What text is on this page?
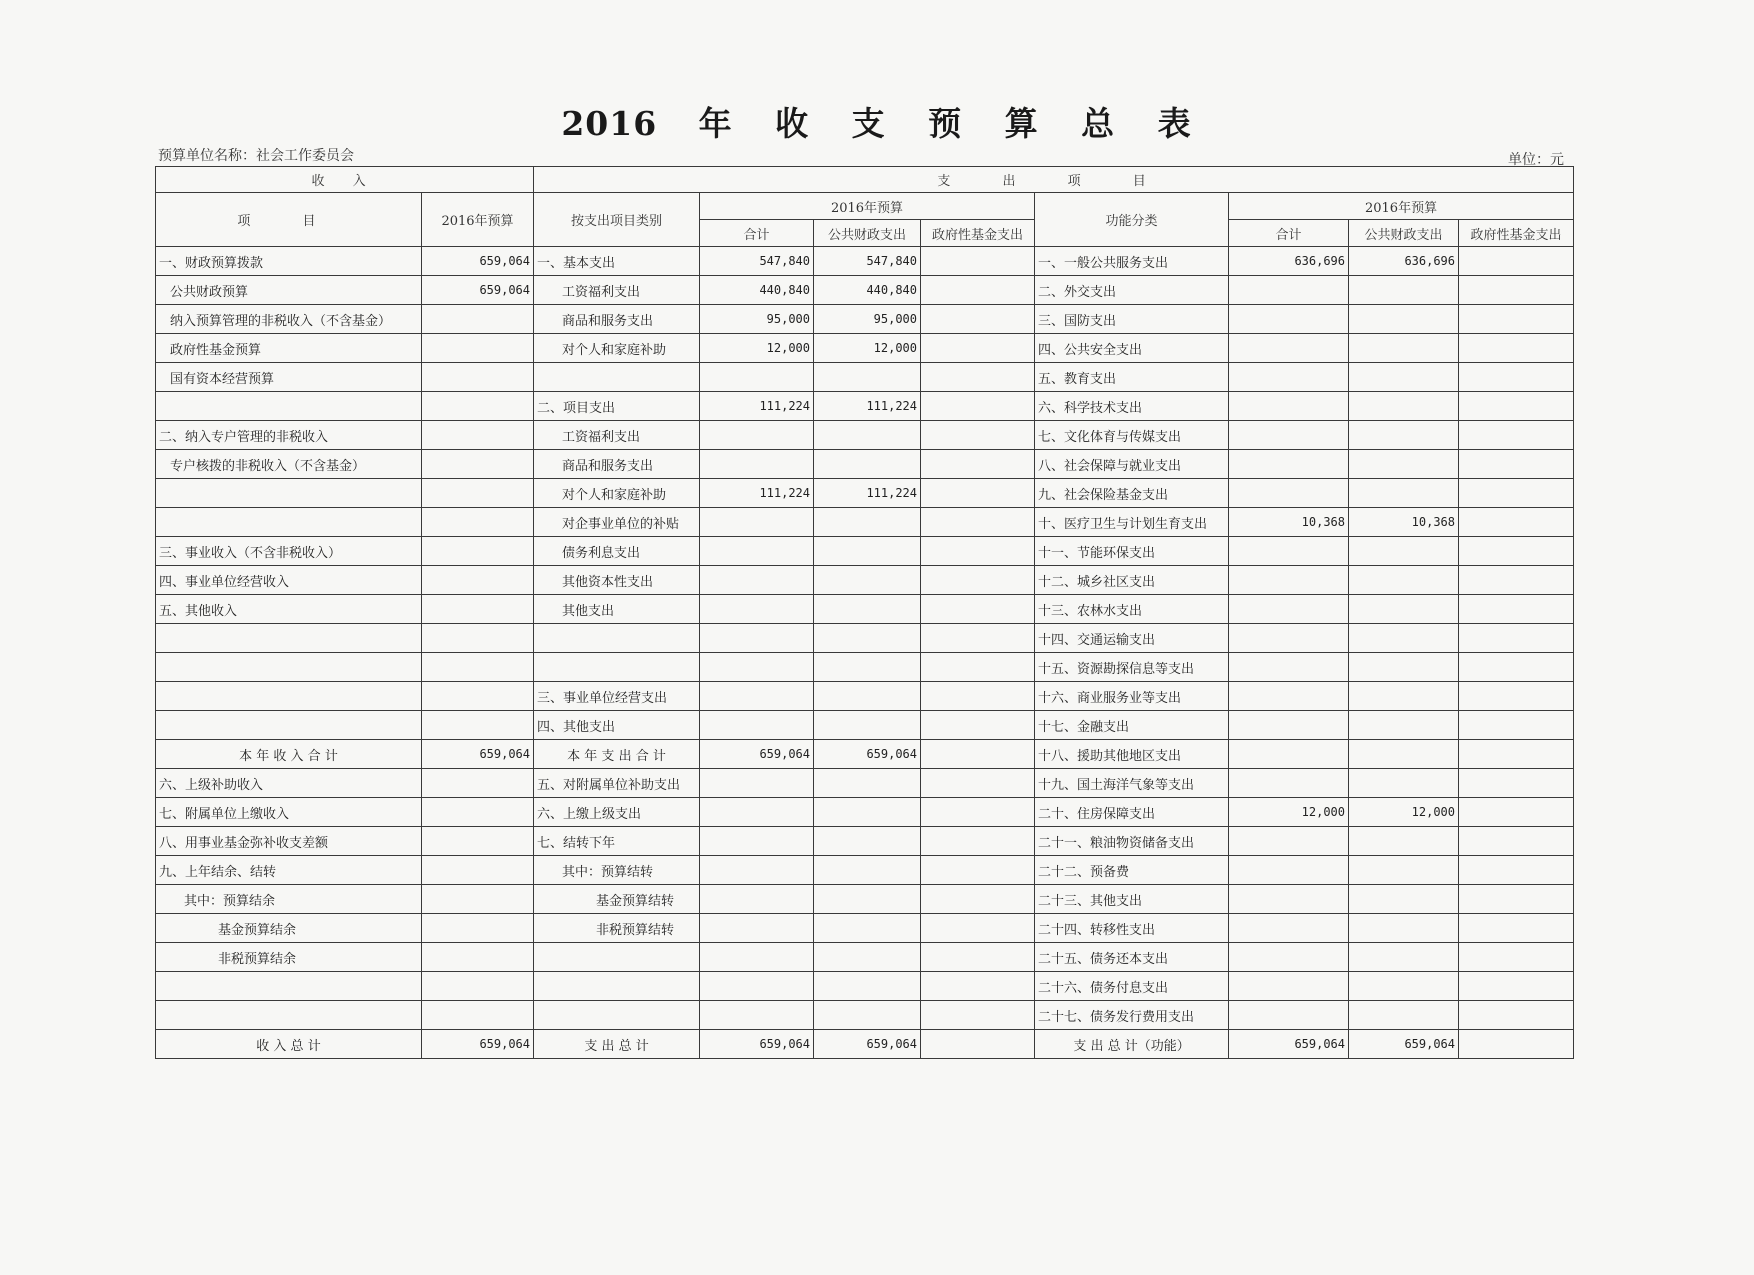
2016 年 收 支 预 算 总 表
预算单位名称：社会工作委员会	单位：元
收 入		支 出 项 目							
项 目	2016年预算	按支出项目类别	2016年预算			功能分类	2016年预算		
			合计	公共财政支出	政府性基金支出		合计	公共财政支出	政府性基金支出
一、财政预算拨款	659,064	一、基本支出	547,840	547,840		一、一般公共服务支出	636,696	636,696	
公共财政预算	659,064	工资福利支出	440,840	440,840		二、外交支出			
纳入预算管理的非税收入（不含基金）		商品和服务支出	95,000	95,000		三、国防支出			
政府性基金预算		对个人和家庭补助	12,000	12,000		四、公共安全支出			
国有资本经营预算						五、教育支出			
		二、项目支出	111,224	111,224		六、科学技术支出			
二、纳入专户管理的非税收入		工资福利支出				七、文化体育与传媒支出			
专户核拨的非税收入（不含基金）		商品和服务支出				八、社会保障与就业支出			
		对个人和家庭补助	111,224	111,224		九、社会保险基金支出			
		对企事业单位的补贴				十、医疗卫生与计划生育支出	10,368	10,368	
三、事业收入（不含非税收入）		债务利息支出				十一、节能环保支出			
四、事业单位经营收入		其他资本性支出				十二、城乡社区支出			
五、其他收入		其他支出				十三、农林水支出			
						十四、交通运输支出			
						十五、资源勘探信息等支出			
		三、事业单位经营支出				十六、商业服务业等支出			
		四、其他支出				十七、金融支出			
本 年 收 入 合 计	659,064	本 年 支 出 合 计	659,064	659,064		十八、援助其他地区支出			
六、上级补助收入		五、对附属单位补助支出				十九、国土海洋气象等支出			
七、附属单位上缴收入		六、上缴上级支出				二十、住房保障支出	12,000	12,000	
八、用事业基金弥补收支差额		七、结转下年				二十一、粮油物资储备支出			
九、上年结余、结转		其中：预算结转				二十二、预备费			
其中：预算结余		基金预算结转				二十三、其他支出			
基金预算结余		非税预算结转				二十四、转移性支出			
非税预算结余						二十五、债务还本支出			
						二十六、债务付息支出			
						二十七、债务发行费用支出			
收 入 总 计	659,064	支 出 总 计	659,064	659,064		支 出 总 计（功能）	659,064	659,064	
